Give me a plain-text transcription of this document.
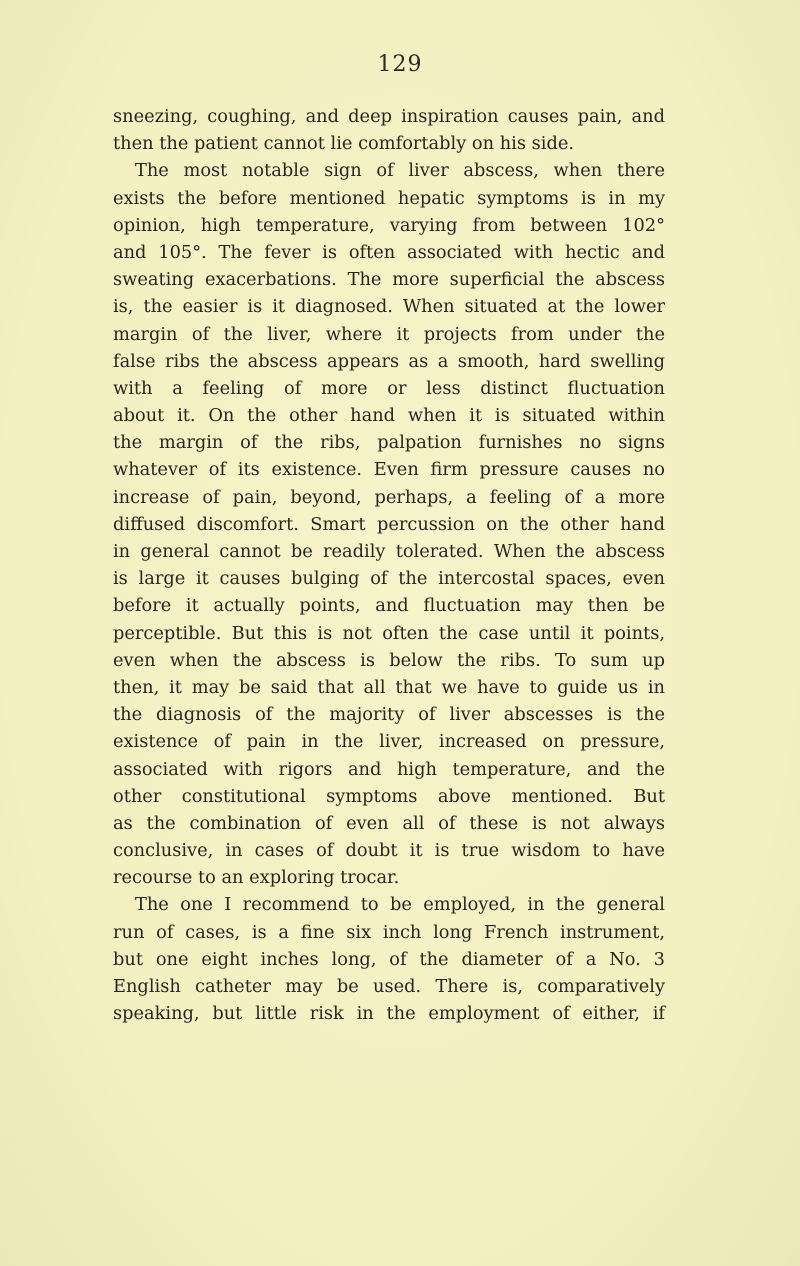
129
sneezing, coughing, and deep inspiration causes pain, and
then the patient cannot lie comfortably on his side.
The most notable sign of liver abscess, when there
exists the before mentioned hepatic symptoms is in my
opinion, high temperature, varying from between 102°
and 105°. The fever is often associated with hectic and
sweating exacerbations. The more superficial the abscess
is, the easier is it diagnosed. When situated at the lower
margin of the liver, where it projects from under the
false ribs the abscess appears as a smooth, hard swelling
with a feeling of more or less distinct fluctuation
about it. On the other hand when it is situated within
the margin of the ribs, palpation furnishes no signs
whatever of its existence. Even firm pressure causes no
increase of pain, beyond, perhaps, a feeling of a more
diffused discomfort. Smart percussion on the other hand
in general cannot be readily tolerated. When the abscess
is large it causes bulging of the intercostal spaces, even
before it actually points, and fluctuation may then be
perceptible. But this is not often the case until it points,
even when the abscess is below the ribs. To sum up
then, it may be said that all that we have to guide us in
the diagnosis of the majority of liver abscesses is the
existence of pain in the liver, increased on pressure,
associated with rigors and high temperature, and the
other constitutional symptoms above mentioned. But
as the combination of even all of these is not always
conclusive, in cases of doubt it is true wisdom to have
recourse to an exploring trocar.
The one I recommend to be employed, in the general
run of cases, is a fine six inch long French instrument,
but one eight inches long, of the diameter of a No. 3
English catheter may be used. There is, comparatively
speaking, but little risk in the employment of either, if
